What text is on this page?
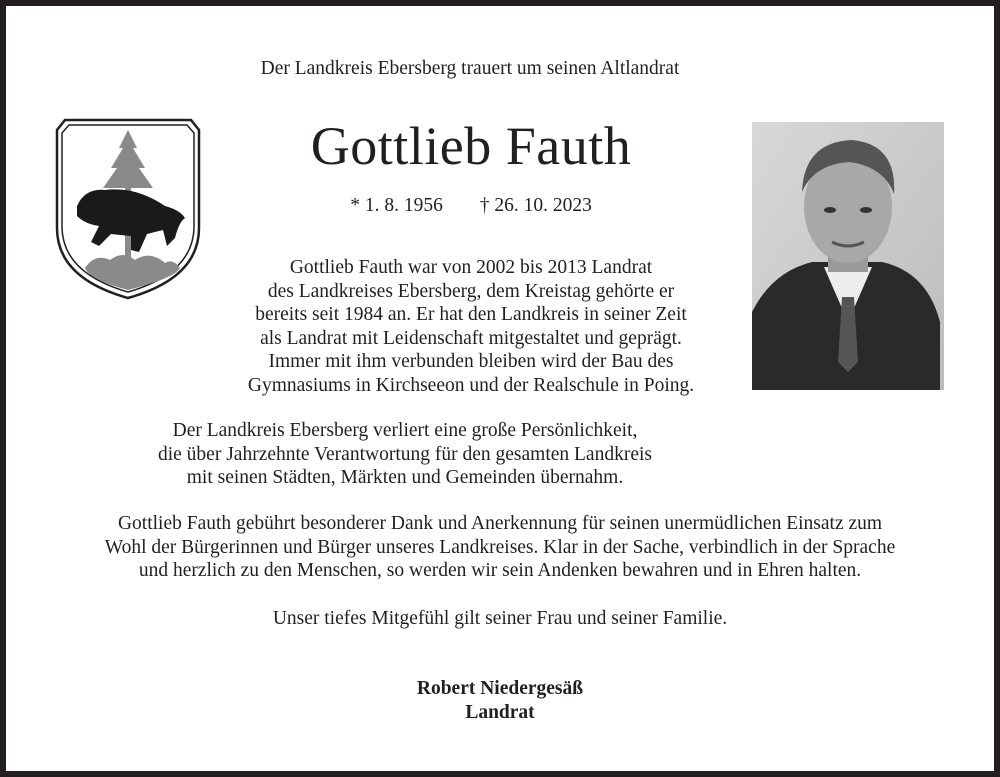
Der Landkreis Ebersberg trauert um seinen Altlandrat
Gottlieb Fauth
* 1. 8. 1956 † 26. 10. 2023
Gottlieb Fauth war von 2002 bis 2013 Landrat
des Landkreises Ebersberg, dem Kreistag gehörte er
bereits seit 1984 an. Er hat den Landkreis in seiner Zeit
als Landrat mit Leidenschaft mitgestaltet und geprägt.
Immer mit ihm verbunden bleiben wird der Bau des
Gymnasiums in Kirchseeon und der Realschule in Poing.
Der Landkreis Ebersberg verliert eine große Persönlichkeit,
die über Jahrzehnte Verantwortung für den gesamten Landkreis
mit seinen Städten, Märkten und Gemeinden übernahm.
Gottlieb Fauth gebührt besonderer Dank und Anerkennung für seinen unermüdlichen Einsatz zum
Wohl der Bürgerinnen und Bürger unseres Landkreises. Klar in der Sache, verbindlich in der Sprache
und herzlich zu den Menschen, so werden wir sein Andenken bewahren und in Ehren halten.
Unser tiefes Mitgefühl gilt seiner Frau und seiner Familie.
Robert Niedergesäß
Landrat
